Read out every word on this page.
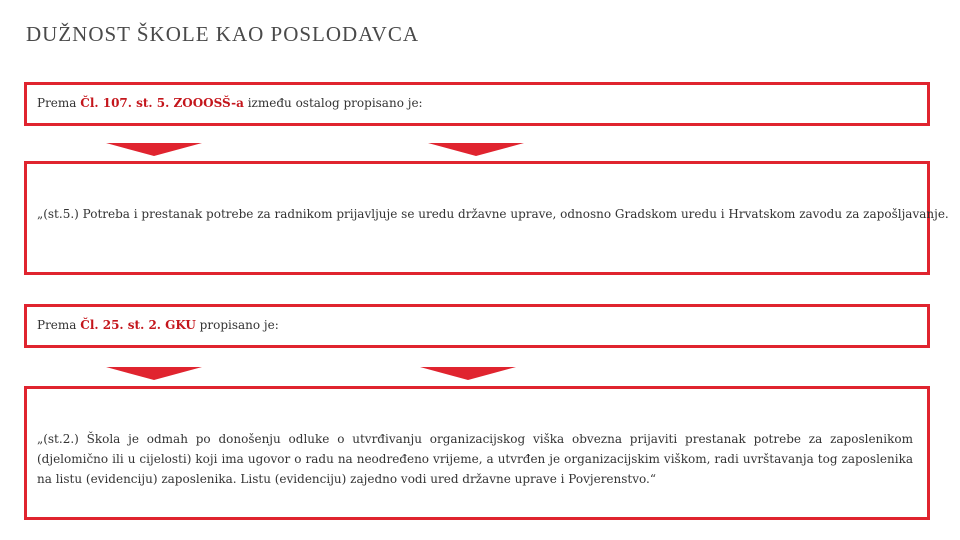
DUŽNOST ŠKOLE KAO POSLODAVCA
Prema Čl. 107. st. 5. ZOOOSŠ-a između ostalog propisano je:
„(st.5.) Potreba i prestanak potrebe za radnikom prijavljuje se uredu državne uprave, odnosno Gradskom uredu i Hrvatskom zavodu za zapošljavanje.
Prema Čl. 25. st. 2. GKU propisano je:
„(st.2.) Škola je odmah po donošenju odluke o utvrđivanju organizacijskog viška obvezna prijaviti prestanak potrebe za zaposlenikom (djelomično ili u cijelosti) koji ima ugovor o radu na neodređeno vrijeme, a utvrđen je organizacijskim viškom, radi uvrštavanja tog zaposlenika na listu (evidenciju) zaposlenika. Listu (evidenciju) zajedno vodi ured državne uprave i Povjerenstvo.“
